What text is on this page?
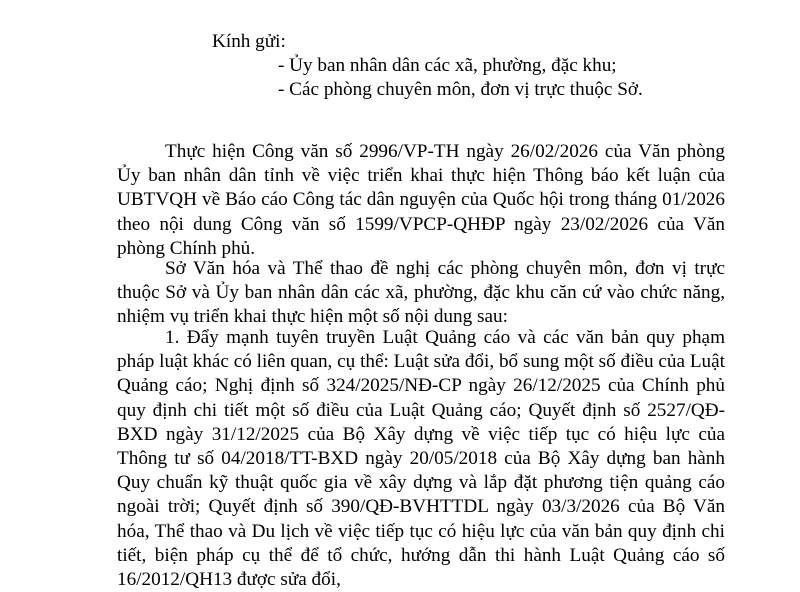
Kính gửi:
- Ủy ban nhân dân các xã, phường, đặc khu;
- Các phòng chuyên môn, đơn vị trực thuộc Sở.

Thực hiện Công văn số 2996/VP-TH ngày 26/02/2026 của Văn phòng Ủy ban nhân dân tỉnh về việc triển khai thực hiện Thông báo kết luận của UBTVQH về Báo cáo Công tác dân nguyện của Quốc hội trong tháng 01/2026 theo nội dung Công văn số 1599/VPCP-QHĐP ngày 23/02/2026 của Văn phòng Chính phủ.

Sở Văn hóa và Thể thao đề nghị các phòng chuyên môn, đơn vị trực thuộc Sở và Ủy ban nhân dân các xã, phường, đặc khu căn cứ vào chức năng, nhiệm vụ triển khai thực hiện một số nội dung sau:

1. Đẩy mạnh tuyên truyền Luật Quảng cáo và các văn bản quy phạm pháp luật khác có liên quan, cụ thể: Luật sửa đổi, bổ sung một số điều của Luật Quảng cáo; Nghị định số 324/2025/NĐ-CP ngày 26/12/2025 của Chính phủ quy định chi tiết một số điều của Luật Quảng cáo; Quyết định số 2527/QĐ-BXD ngày 31/12/2025 của Bộ Xây dựng về việc tiếp tục có hiệu lực của Thông tư số 04/2018/TT-BXD ngày 20/05/2018 của Bộ Xây dựng ban hành Quy chuẩn kỹ thuật quốc gia về xây dựng và lắp đặt phương tiện quảng cáo ngoài trời; Quyết định số 390/QĐ-BVHTTDL ngày 03/3/2026 của Bộ Văn hóa, Thể thao và Du lịch về việc tiếp tục có hiệu lực của văn bản quy định chi tiết, biện pháp cụ thể để tổ chức, hướng dẫn thi hành Luật Quảng cáo số 16/2012/QH13 được sửa đổi,
